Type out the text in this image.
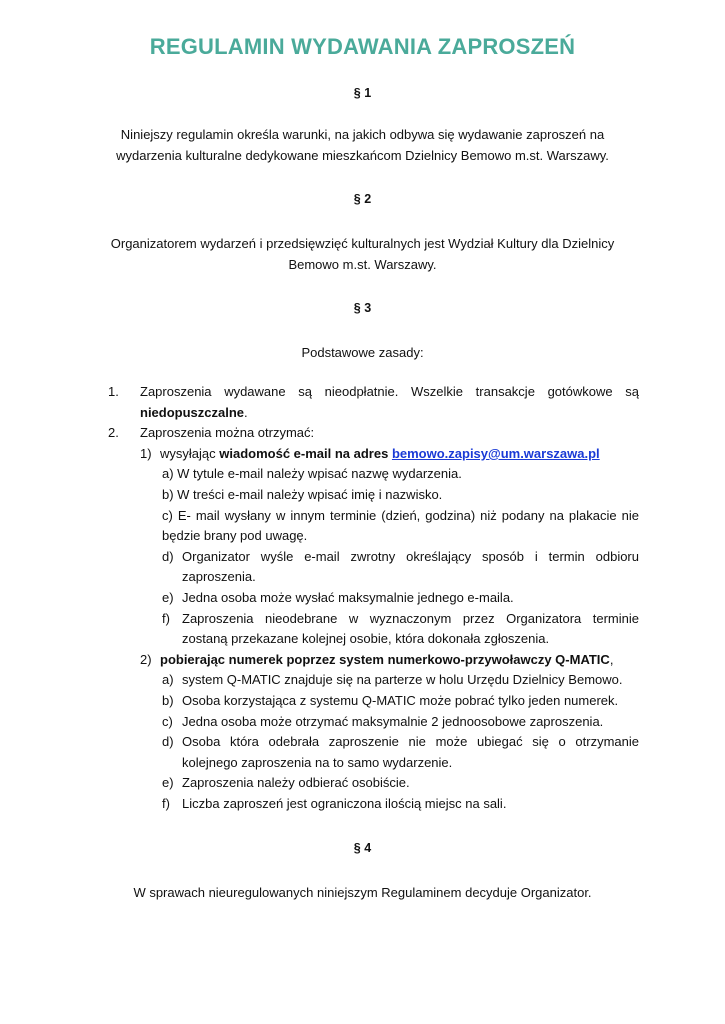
REGULAMIN WYDAWANIA ZAPROSZEŃ
§ 1
Niniejszy regulamin określa warunki, na jakich odbywa się wydawanie zaproszeń na
wydarzenia kulturalne dedykowane mieszkańcom Dzielnicy Bemowo m.st. Warszawy.
§ 2
Organizatorem wydarzeń i przedsięwzięć kulturalnych jest Wydział Kultury dla Dzielnicy
Bemowo m.st. Warszawy.
§ 3
Podstawowe zasady:
1. Zaproszenia wydawane są nieodpłatnie. Wszelkie transakcje gotówkowe są niedopuszczalne.
2. Zaproszenia można otrzymać:
1) wysyłając wiadomość e-mail na adres bemowo.zapisy@um.warszawa.pl
a) W tytule e-mail należy wpisać nazwę wydarzenia.
b) W treści e-mail należy wpisać imię i nazwisko.
c) E- mail wysłany w innym terminie (dzień, godzina) niż podany na plakacie nie będzie brany pod uwagę.
d) Organizator wyśle e-mail zwrotny określający sposób i termin odbioru zaproszenia.
e) Jedna osoba może wysłać maksymalnie jednego e-maila.
f) Zaproszenia nieodebrane w wyznaczonym przez Organizatora terminie zostaną przekazane kolejnej osobie, która dokonała zgłoszenia.
2) pobierając numerek poprzez system numerkowo-przywoławczy Q-MATIC,
a) system Q-MATIC znajduje się na parterze w holu Urzędu Dzielnicy Bemowo.
b) Osoba korzystająca z systemu Q-MATIC może pobrać tylko jeden numerek.
c) Jedna osoba może otrzymać maksymalnie 2 jednoosobowe zaproszenia.
d) Osoba która odebrała zaproszenie nie może ubiegać się o otrzymanie kolejnego zaproszenia na to samo wydarzenie.
e) Zaproszenia należy odbierać osobiście.
f) Liczba zaproszeń jest ograniczona ilością miejsc na sali.
§ 4
W sprawach nieuregulowanych niniejszym Regulaminem decyduje Organizator.
